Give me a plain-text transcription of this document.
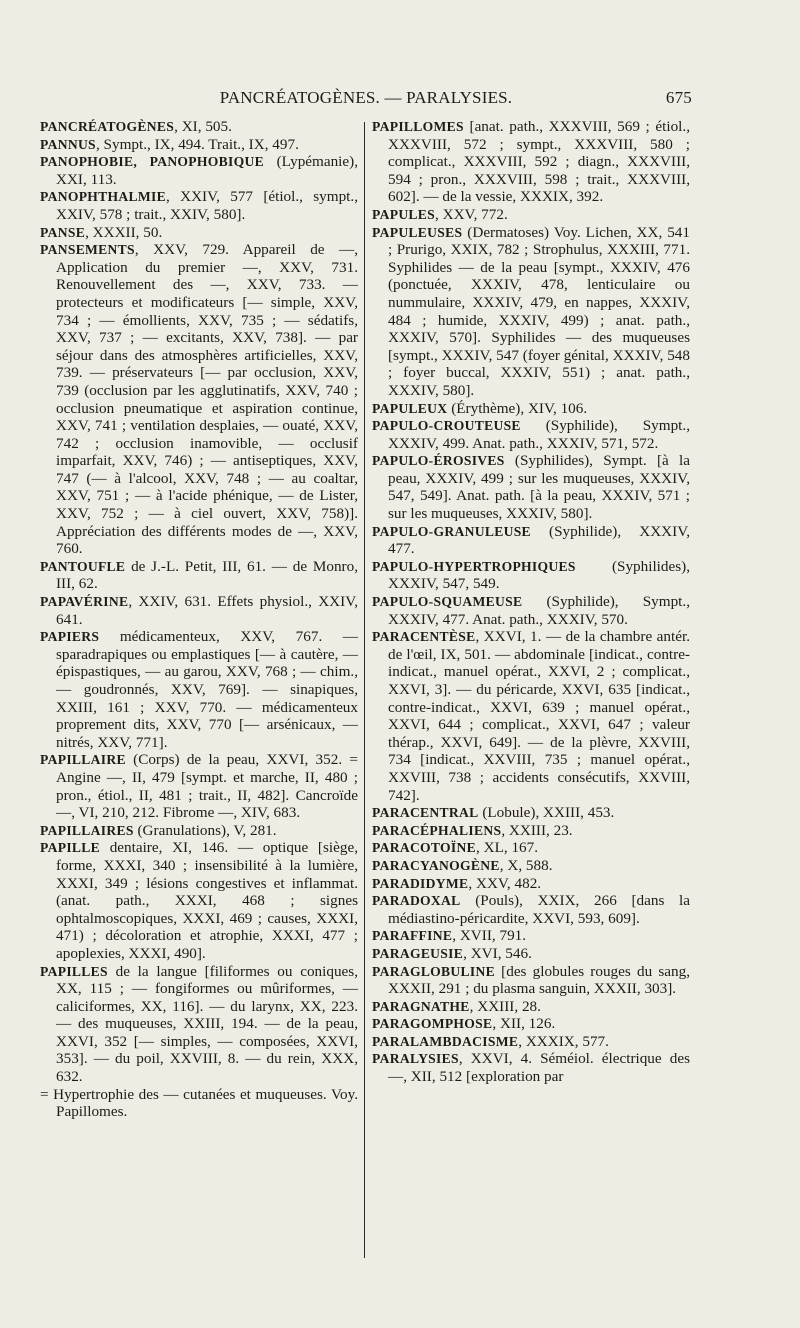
PANCRÉATOGÈNES. — PARALYSIES.	675

PANCRÉATOGÈNES, XI, 505.

PANNUS, Sympt., IX, 494. Trait., IX, 497.

PANOPHOBIE, PANOPHOBIQUE (Lypémanie), XXI, 113.

PANOPHTHALMIE, XXIV, 577 [étiol., sympt., XXIV, 578 ; trait., XXIV, 580].

PANSE, XXXII, 50.

PANSEMENTS, XXV, 729. Appareil de —, Application du premier —, XXV, 731. Renouvellement des —, XXV, 733. — protecteurs et modificateurs [— simple, XXV, 734 ; — émollients, XXV, 735 ; — sédatifs, XXV, 737 ; — excitants, XXV, 738]. — par séjour dans des atmosphères artificielles, XXV, 739. — préservateurs [— par occlusion, XXV, 739 (occlusion par les agglutinatifs, XXV, 740 ; occlusion pneumatique et aspiration continue, XXV, 741 ; ventilation desplaies, — ouaté, XXV, 742 ; occlusion inamovible, — occlusif imparfait, XXV, 746) ; — antiseptiques, XXV, 747 (— à l'alcool, XXV, 748 ; — au coaltar, XXV, 751 ; — à l'acide phénique, — de Lister, XXV, 752 ; — à ciel ouvert, XXV, 758)]. Appréciation des différents modes de —, XXV, 760.

PANTOUFLE de J.-L. Petit, III, 61. — de Monro, III, 62.

PAPAVÉRINE, XXIV, 631. Effets physiol., XXIV, 641.

PAPIERS médicamenteux, XXV, 767. — sparadrapiques ou emplastiques [— à cautère, — épispastiques, — au garou, XXV, 768 ; — chim., — goudronnés, XXV, 769]. — sinapiques, XXIII, 161 ; XXV, 770. — médicamenteux proprement dits, XXV, 770 [— arsénicaux, — nitrés, XXV, 771].

PAPILLAIRE (Corps) de la peau, XXVI, 352. = Angine —, II, 479 [sympt. et marche, II, 480 ; pron., étiol., II, 481 ; trait., II, 482]. Cancroïde —, VI, 210, 212. Fibrome —, XIV, 683.

PAPILLAIRES (Granulations), V, 281.

PAPILLE dentaire, XI, 146. — optique [siège, forme, XXXI, 340 ; insensibilité à la lumière, XXXI, 349 ; lésions congestives et inflammat. (anat. path., XXXI, 468 ; signes ophtalmoscopiques, XXXI, 469 ; causes, XXXI, 471) ; décoloration et atrophie, XXXI, 477 ; apoplexies, XXXI, 490].

PAPILLES de la langue [filiformes ou coniques, XX, 115 ; — fongiformes ou mûriformes, — caliciformes, XX, 116]. — du larynx, XX, 223. — des muqueuses, XXIII, 194. — de la peau, XXVI, 352 [— simples, — composées, XXVI, 353]. — du poil, XXVIII, 8. — du rein, XXX, 632.

= Hypertrophie des — cutanées et muqueuses. Voy. Papillomes.

PAPILLOMES [anat. path., XXXVIII, 569 ; étiol., XXXVIII, 572 ; sympt., XXXVIII, 580 ; complicat., XXXVIII, 592 ; diagn., XXXVIII, 594 ; pron., XXXVIII, 598 ; trait., XXXVIII, 602]. — de la vessie, XXXIX, 392.

PAPULES, XXV, 772.

PAPULEUSES (Dermatoses) Voy. Lichen, XX, 541 ; Prurigo, XXIX, 782 ; Strophulus, XXXIII, 771. Syphilides — de la peau [sympt., XXXIV, 476 (ponctuée, XXXIV, 478, lenticulaire ou nummulaire, XXXIV, 479, en nappes, XXXIV, 484 ; humide, XXXIV, 499) ; anat. path., XXXIV, 570]. Syphilides — des muqueuses [sympt., XXXIV, 547 (foyer génital, XXXIV, 548 ; foyer buccal, XXXIV, 551) ; anat. path., XXXIV, 580].

PAPULEUX (Érythème), XIV, 106.

PAPULO-CROUTEUSE (Syphilide), Sympt., XXXIV, 499. Anat. path., XXXIV, 571, 572.

PAPULO-ÉROSIVES (Syphilides), Sympt. [à la peau, XXXIV, 499 ; sur les muqueuses, XXXIV, 547, 549]. Anat. path. [à la peau, XXXIV, 571 ; sur les muqueuses, XXXIV, 580].

PAPULO-GRANULEUSE (Syphilide), XXXIV, 477.

PAPULO-HYPERTROPHIQUES (Syphilides), XXXIV, 547, 549.

PAPULO-SQUAMEUSE (Syphilide), Sympt., XXXIV, 477. Anat. path., XXXIV, 570.

PARACENTÈSE, XXVI, 1. — de la chambre antér. de l'œil, IX, 501. — abdominale [indicat., contre-indicat., manuel opérat., XXVI, 2 ; complicat., XXVI, 3]. — du péricarde, XXVI, 635 [indicat., contre-indicat., XXVI, 639 ; manuel opérat., XXVI, 644 ; complicat., XXVI, 647 ; valeur thérap., XXVI, 649]. — de la plèvre, XXVIII, 734 [indicat., XXVIII, 735 ; manuel opérat., XXVIII, 738 ; accidents consécutifs, XXVIII, 742].

PARACENTRAL (Lobule), XXIII, 453.

PARACÉPHALIENS, XXIII, 23.

PARACOTOÏNE, XL, 167.

PARACYANOGÈNE, X, 588.

PARADIDYME, XXV, 482.

PARADOXAL (Pouls), XXIX, 266 [dans la médiastino-péricardite, XXVI, 593, 609].

PARAFFINE, XVII, 791.

PARAGEUSIE, XVI, 546.

PARAGLOBULINE [des globules rouges du sang, XXXII, 291 ; du plasma sanguin, XXXII, 303].

PARAGNATHE, XXIII, 28.

PARAGOMPHOSE, XII, 126.

PARALAMBDACISME, XXXIX, 577.

PARALYSIES, XXVI, 4. Séméiol. électrique des —, XII, 512 [exploration par
